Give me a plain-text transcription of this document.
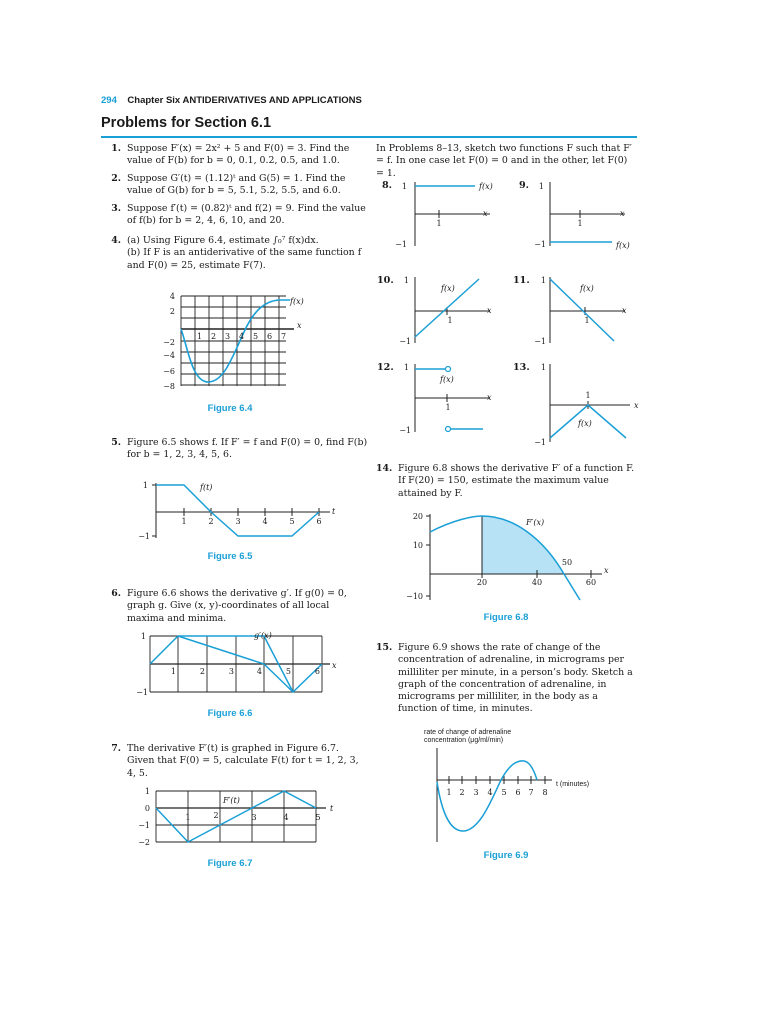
294 Chapter Six ANTIDERIVATIVES AND APPLICATIONS
Problems for Section 6.1
1. Suppose F′(x) = 2x² + 5 and F(0) = 3. Find the value of F(b) for b = 0, 0.1, 0.2, 0.5, and 1.0.
2. Suppose G′(t) = (1.12)ᵗ and G(5) = 1. Find the value of G(b) for b = 5, 5.1, 5.2, 5.5, and 6.0.
3. Suppose f′(t) = (0.82)ᵗ and f(2) = 9. Find the value of f(b) for b = 2, 4, 6, 10, and 20.
4. (a) Using Figure 6.4, estimate ∫₀⁷ f(x)dx.
(b) If F is an antiderivative of the same function f and F(0) = 25, estimate F(7).
4
2
−2
−4
−6
−8
1 2 3 4 5 6 7
f(x)
x
Figure 6.4
5. Figure 6.5 shows f. If F′ = f and F(0) = 0, find F(b) for b = 1, 2, 3, 4, 5, 6.
1
−1
1	2	3	4	5	6
f(t)
t
Figure 6.5
6. Figure 6.6 shows the derivative g′. If g(0) = 0, graph g. Give (x, y)-coordinates of all local maxima and minima.
1
−1
1	2	3	4	5	6
g′(x)
x
Figure 6.6
7. The derivative F′(t) is graphed in Figure 6.7. Given that F(0) = 5, calculate F(t) for t = 1, 2, 3, 4, 5.
1
0
−1
−2
1	2	3	4	5
F′(t)
t
Figure 6.7
In Problems 8–13, sketch two functions F such that F′ = f. In one case let F(0) = 0 and in the other, let F(0) = 1.
8. 1
−1
1
f(x)
x
9. 1
−1
1
f(x)
x
10. 1
−1
1
f(x)
x
11. 1
−1
1
f(x)
x
12. 1
−1
1
f(x)
x
13. 1
−1
1
f(x)
x
14. Figure 6.8 shows the derivative F′ of a function F. If F(20) = 150, estimate the maximum value attained by F.
20
10
−10
20	40	60
50
F′(x)
x
Figure 6.8
15. Figure 6.9 shows the rate of change of the concentration of adrenaline, in micrograms per milliliter per minute, in a person’s body. Sketch a graph of the concentration of adrenaline, in micrograms per milliliter, in the body as a function of time, in minutes.
rate of change of adrenaline concentration (μg/ml/min)
1 2 3 4 5 6 7 8
t (minutes)
Figure 6.9
